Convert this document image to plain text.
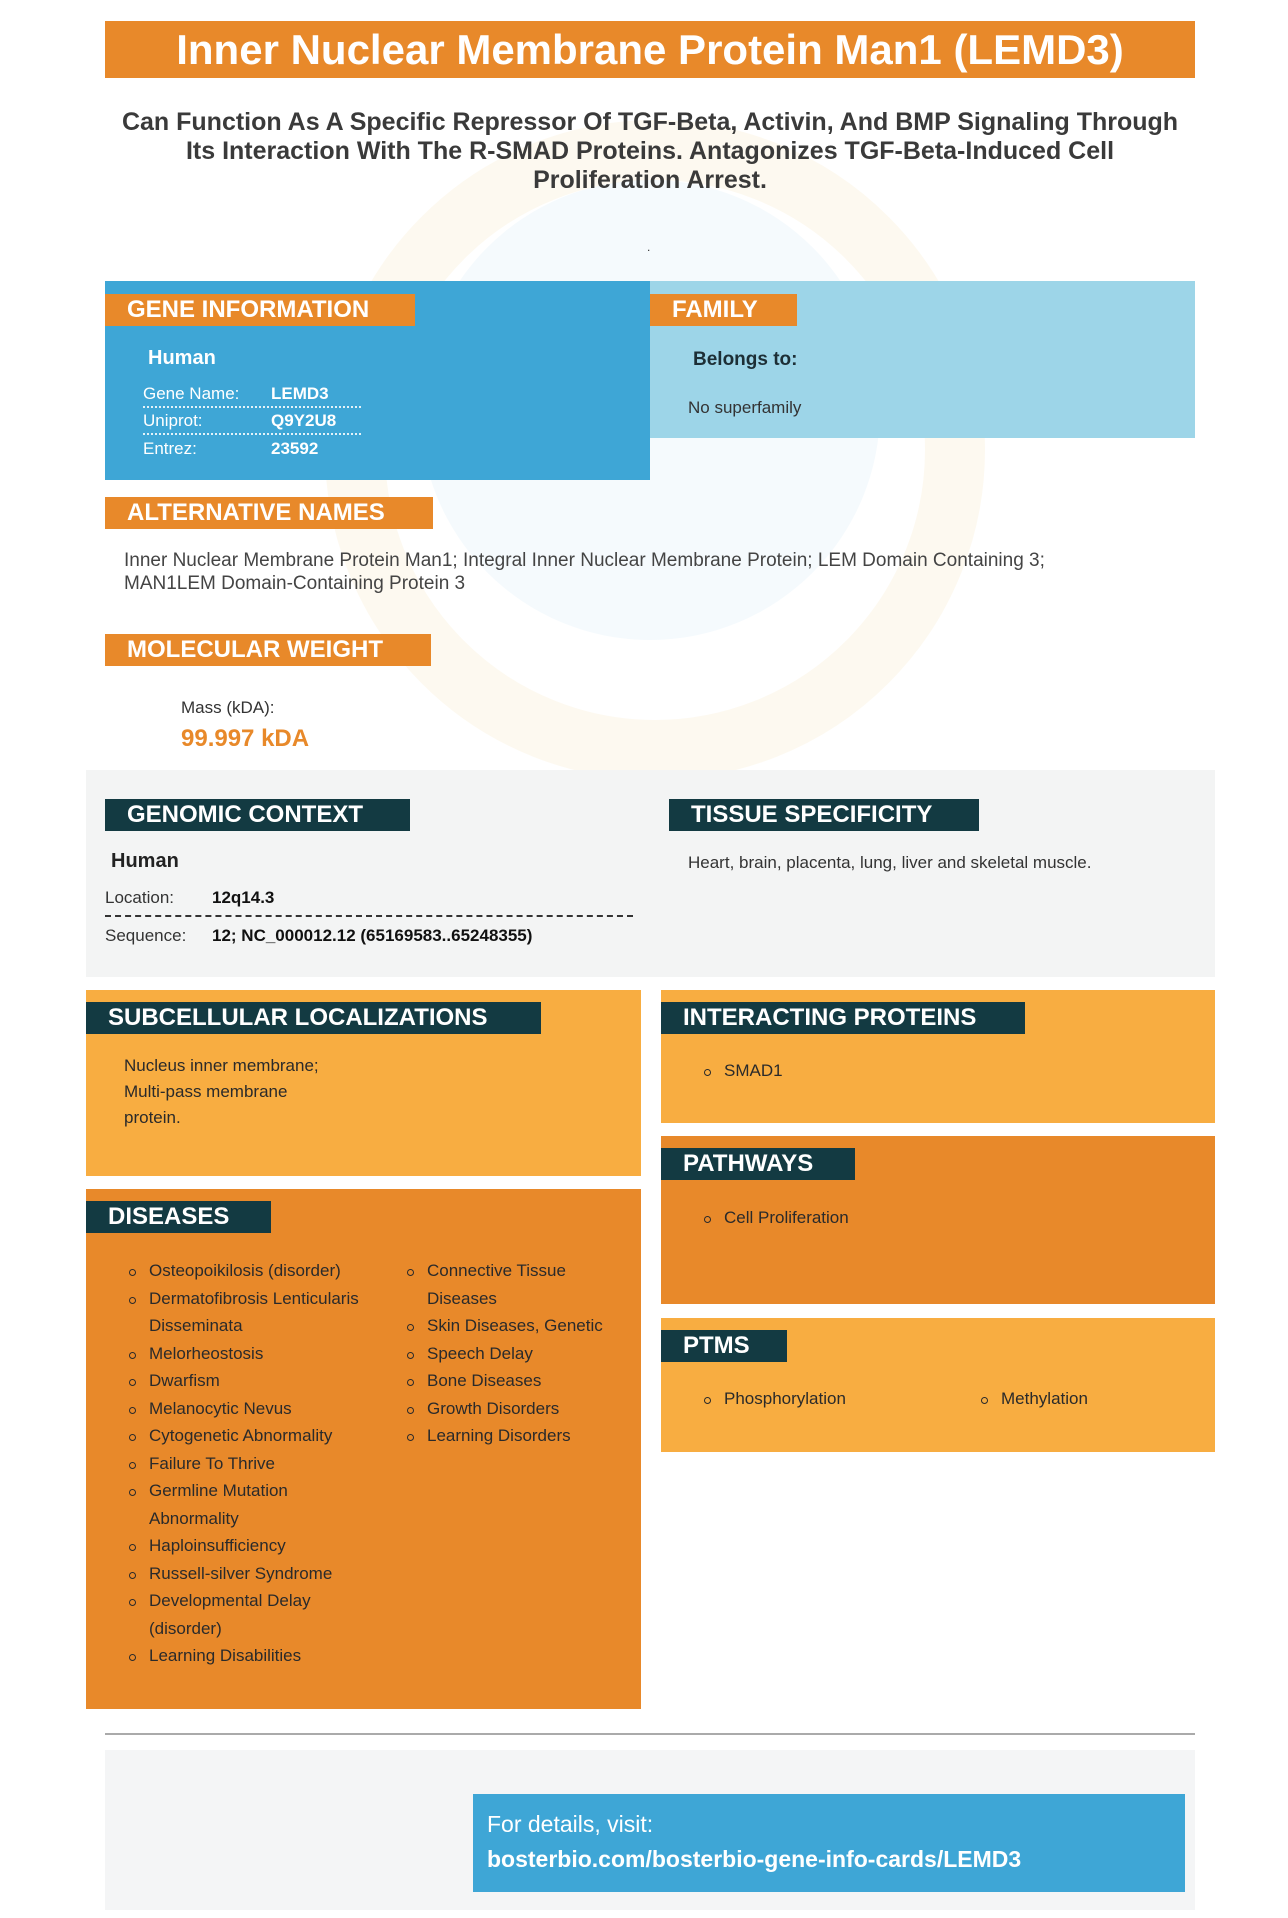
Inner Nuclear Membrane Protein Man1 (LEMD3)
Can Function As A Specific Repressor Of TGF-Beta, Activin, And BMP Signaling Through Its Interaction With The R-SMAD Proteins. Antagonizes TGF-Beta-Induced Cell Proliferation Arrest.
.
GENE INFORMATION
Human
Gene Name:	LEMD3
Uniprot:	Q9Y2U8
Entrez:	23592
FAMILY
Belongs to:
No superfamily
ALTERNATIVE NAMES
Inner Nuclear Membrane Protein Man1; Integral Inner Nuclear Membrane Protein; LEM Domain Containing 3; MAN1LEM Domain-Containing Protein 3
MOLECULAR WEIGHT
Mass (kDA):
99.997 kDA
GENOMIC CONTEXT
Human
Location: 12q14.3
Sequence: 12; NC_000012.12 (65169583..65248355)
TISSUE SPECIFICITY
Heart, brain, placenta, lung, liver and skeletal muscle.
SUBCELLULAR LOCALIZATIONS
Nucleus inner membrane;
Multi-pass membrane
protein.
INTERACTING PROTEINS
SMAD1
PATHWAYS
Cell Proliferation
PTMS
Phosphorylation	Methylation
DISEASES
Osteopoikilosis (disorder)
Dermatofibrosis Lenticularis Disseminata
Melorheostosis
Dwarfism
Melanocytic Nevus
Cytogenetic Abnormality
Failure To Thrive
Germline Mutation Abnormality
Haploinsufficiency
Russell-silver Syndrome
Developmental Delay (disorder)
Learning Disabilities
Connective Tissue Diseases
Skin Diseases, Genetic
Speech Delay
Bone Diseases
Growth Disorders
Learning Disorders
For details, visit:
bosterbio.com/bosterbio-gene-info-cards/LEMD3
